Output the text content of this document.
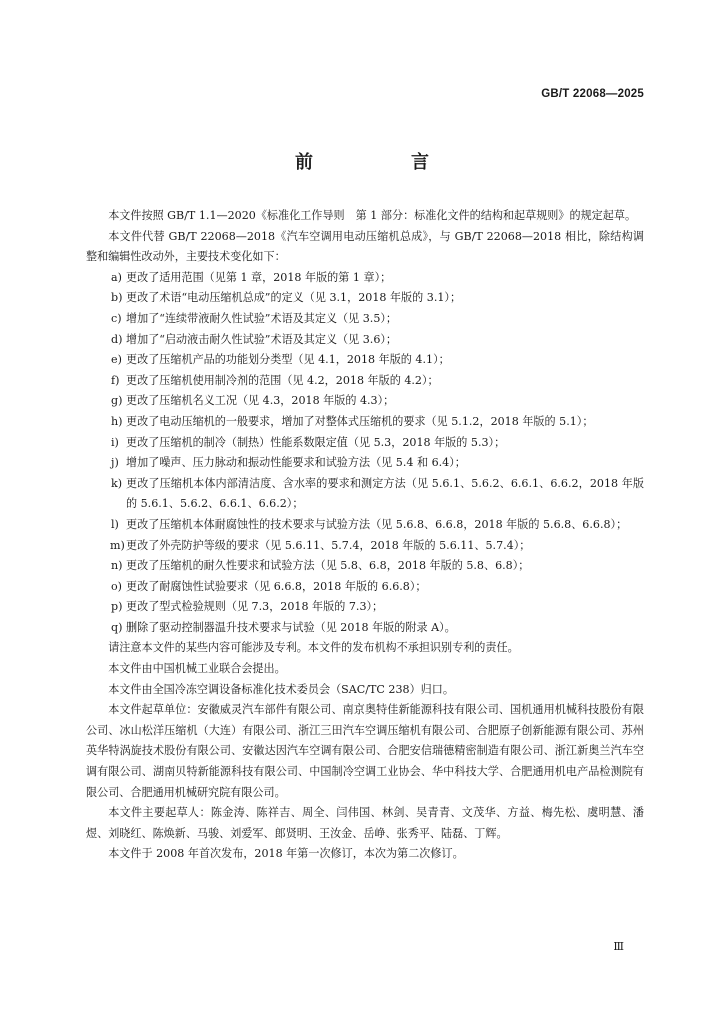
GB/T 22068—2025
前　言

本文件按照 GB/T 1.1—2020《标准化工作导则　第 1 部分：标准化文件的结构和起草规则》的规定起草。

本文件代替 GB/T 22068—2018《汽车空调用电动压缩机总成》，与 GB/T 22068—2018 相比，除结构调整和编辑性改动外，主要技术变化如下：

a) 更改了适用范围（见第 1 章，2018 年版的第 1 章）；
b) 更改了术语“电动压缩机总成”的定义（见 3.1，2018 年版的 3.1）；
c) 增加了“连续带液耐久性试验”术语及其定义（见 3.5）；
d) 增加了“启动液击耐久性试验”术语及其定义（见 3.6）；
e) 更改了压缩机产品的功能划分类型（见 4.1，2018 年版的 4.1）；
f) 更改了压缩机使用制冷剂的范围（见 4.2，2018 年版的 4.2）；
g) 更改了压缩机名义工况（见 4.3，2018 年版的 4.3）；
h) 更改了电动压缩机的一般要求，增加了对整体式压缩机的要求（见 5.1.2，2018 年版的 5.1）；
i) 更改了压缩机的制冷（制热）性能系数限定值（见 5.3，2018 年版的 5.3）；
j) 增加了噪声、压力脉动和振动性能要求和试验方法（见 5.4 和 6.4）；
k) 更改了压缩机本体内部清洁度、含水率的要求和测定方法（见 5.6.1、5.6.2、6.6.1、6.6.2，2018 年版的 5.6.1、5.6.2、6.6.1、6.6.2）；
l) 更改了压缩机本体耐腐蚀性的技术要求与试验方法（见 5.6.8、6.6.8，2018 年版的 5.6.8、6.6.8）；
m) 更改了外壳防护等级的要求（见 5.6.11、5.7.4，2018 年版的 5.6.11、5.7.4）；
n) 更改了压缩机的耐久性要求和试验方法（见 5.8、6.8，2018 年版的 5.8、6.8）；
o) 更改了耐腐蚀性试验要求（见 6.6.8，2018 年版的 6.6.8）；
p) 更改了型式检验规则（见 7.3，2018 年版的 7.3）；
q) 删除了驱动控制器温升技术要求与试验（见 2018 年版的附录 A）。

请注意本文件的某些内容可能涉及专利。本文件的发布机构不承担识别专利的责任。

本文件由中国机械工业联合会提出。

本文件由全国冷冻空调设备标准化技术委员会（SAC/TC 238）归口。

本文件起草单位：安徽威灵汽车部件有限公司、南京奥特佳新能源科技有限公司、国机通用机械科技股份有限公司、冰山松洋压缩机（大连）有限公司、浙江三田汽车空调压缩机有限公司、合肥原子创新能源有限公司、苏州英华特涡旋技术股份有限公司、安徽达因汽车空调有限公司、合肥安信瑞德精密制造有限公司、浙江新奥兰汽车空调有限公司、湖南贝特新能源科技有限公司、中国制冷空调工业协会、华中科技大学、合肥通用机电产品检测院有限公司、合肥通用机械研究院有限公司。

本文件主要起草人：陈金涛、陈祥吉、周全、闫伟国、林剑、吴青青、文茂华、方益、梅先松、虞明慧、潘煜、刘晓红、陈焕新、马骏、刘爱军、郎贤明、王汝金、岳峥、张秀平、陆磊、丁辉。

本文件于 2008 年首次发布，2018 年第一次修订，本次为第二次修订。

Ⅲ
